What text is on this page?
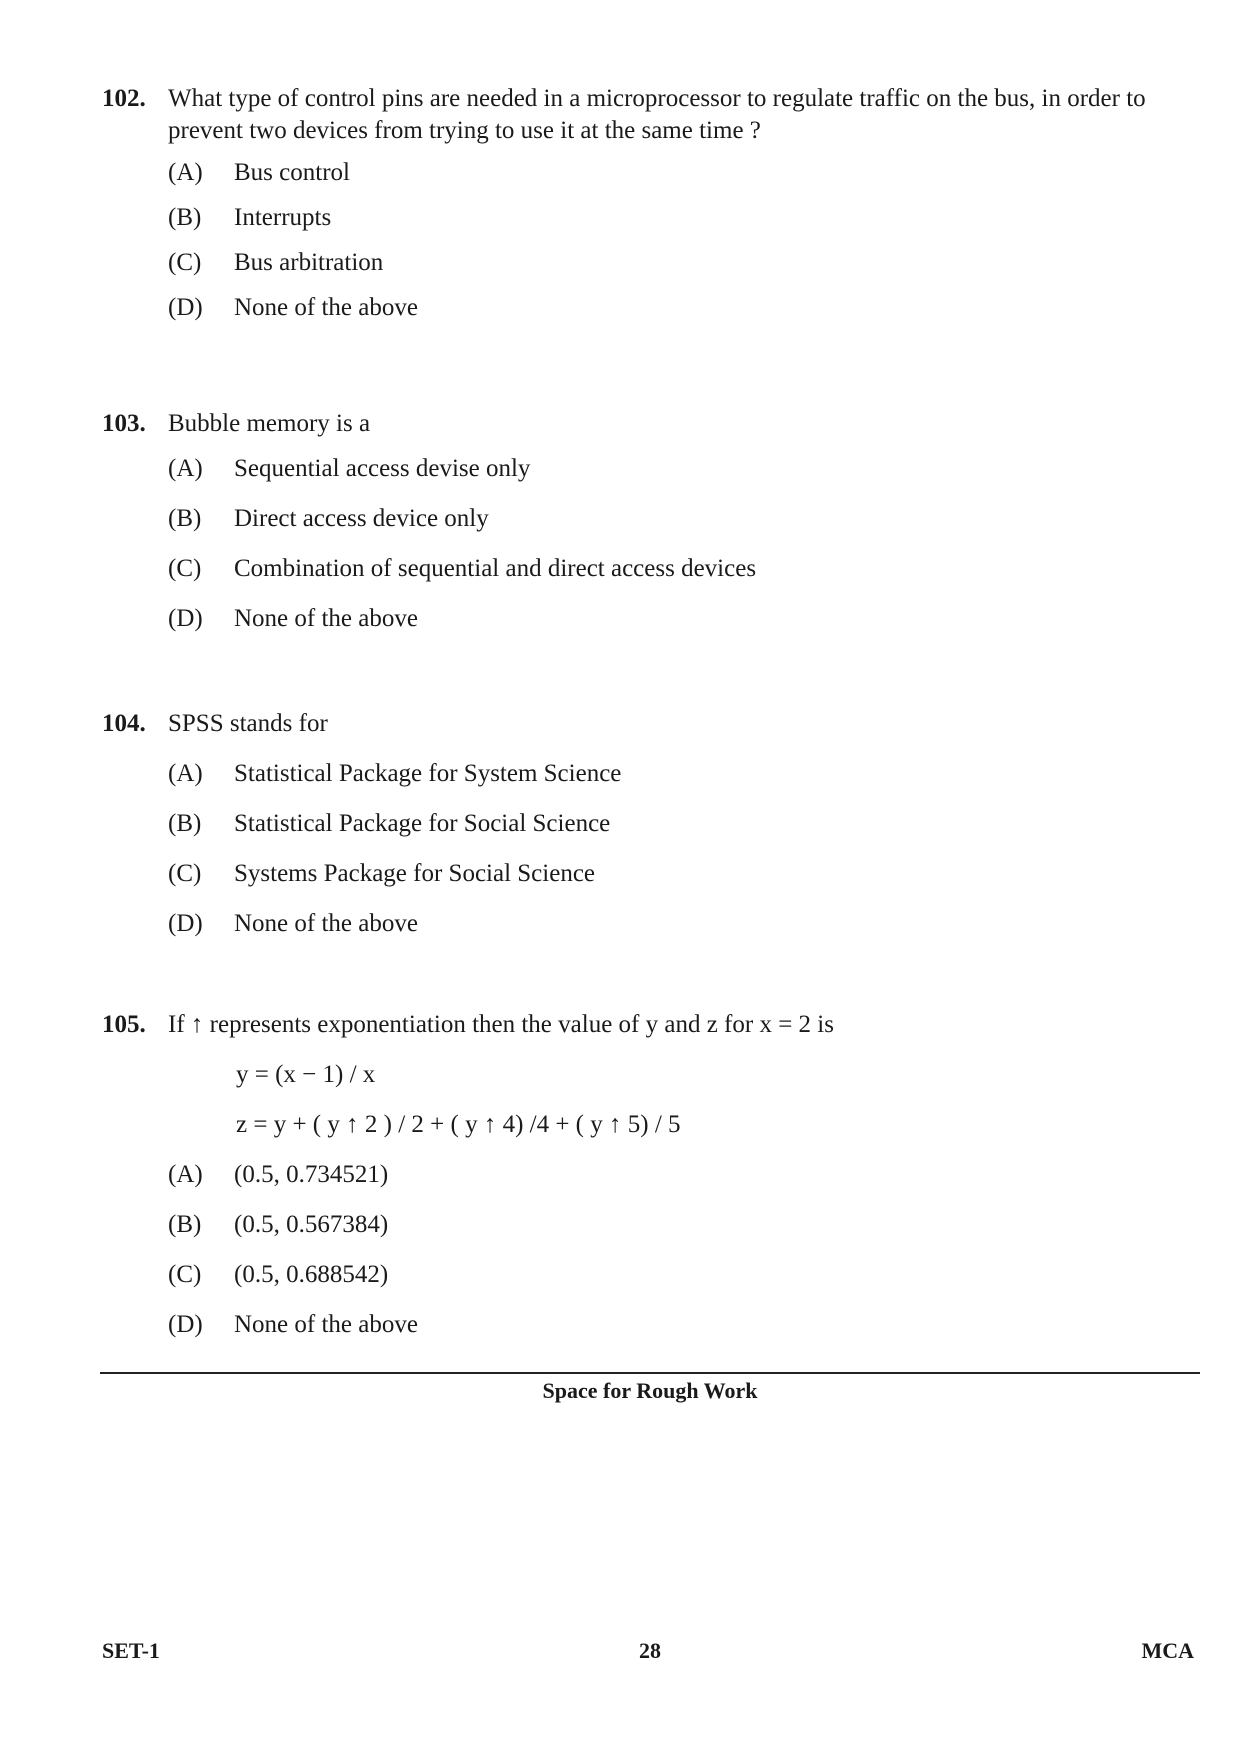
102. What type of control pins are needed in a microprocessor to regulate traffic on the bus, in order to prevent two devices from trying to use it at the same time ?
(A) Bus control
(B) Interrupts
(C) Bus arbitration
(D) None of the above
103. Bubble memory is a
(A) Sequential access devise only
(B) Direct access device only
(C) Combination of sequential and direct access devices
(D) None of the above
104. SPSS stands for
(A) Statistical Package for System Science
(B) Statistical Package for Social Science
(C) Systems Package for Social Science
(D) None of the above
105. If ↑ represents exponentiation then the value of y and z for x = 2 is
y = (x − 1) / x
z = y + ( y ↑ 2 ) / 2 + ( y ↑ 4) /4 + ( y ↑ 5) / 5
(A) (0.5, 0.734521)
(B) (0.5, 0.567384)
(C) (0.5, 0.688542)
(D) None of the above
Space for Rough Work
SET-1	28	MCA
